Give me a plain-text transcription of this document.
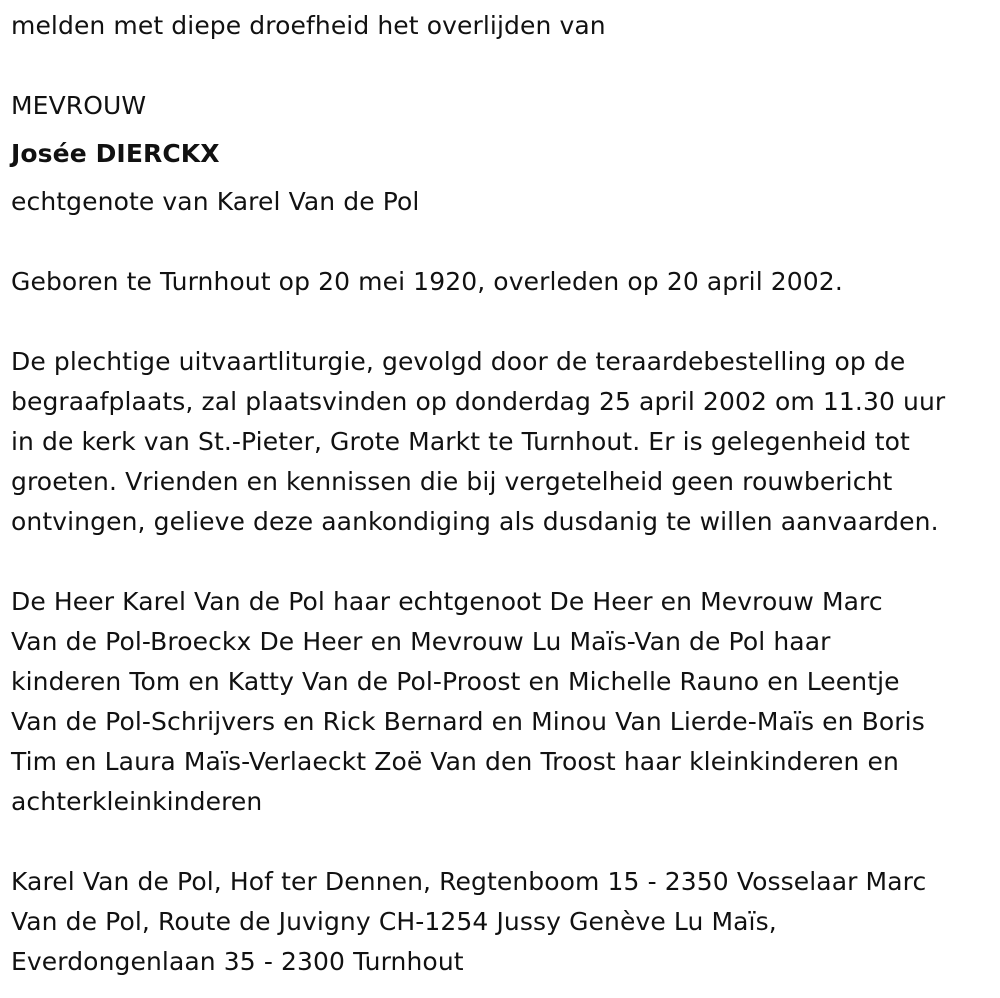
melden met diepe droefheid het overlijden van

MEVROUW

Josée DIERCKX

echtgenote van Karel Van de Pol

Geboren te Turnhout op 20 mei 1920, overleden op 20 april 2002.

De plechtige uitvaartliturgie, gevolgd door de teraardebestelling op de

begraafplaats, zal plaatsvinden op donderdag 25 april 2002 om 11.30 uur

in de kerk van St.-Pieter, Grote Markt te Turnhout. Er is gelegenheid tot

groeten. Vrienden en kennissen die bij vergetelheid geen rouwbericht

ontvingen, gelieve deze aankondiging als dusdanig te willen aanvaarden.

De Heer Karel Van de Pol haar echtgenoot De Heer en Mevrouw Marc

Van de Pol-Broeckx De Heer en Mevrouw Lu Maïs-Van de Pol haar

kinderen Tom en Katty Van de Pol-Proost en Michelle Rauno en Leentje

Van de Pol-Schrijvers en Rick Bernard en Minou Van Lierde-Maïs en Boris

Tim en Laura Maïs-Verlaeckt Zoë Van den Troost haar kleinkinderen en

achterkleinkinderen

Karel Van de Pol, Hof ter Dennen, Regtenboom 15 - 2350 Vosselaar Marc

Van de Pol, Route de Juvigny CH-1254 Jussy Genève Lu Maïs,

Everdongenlaan 35 - 2300 Turnhout
